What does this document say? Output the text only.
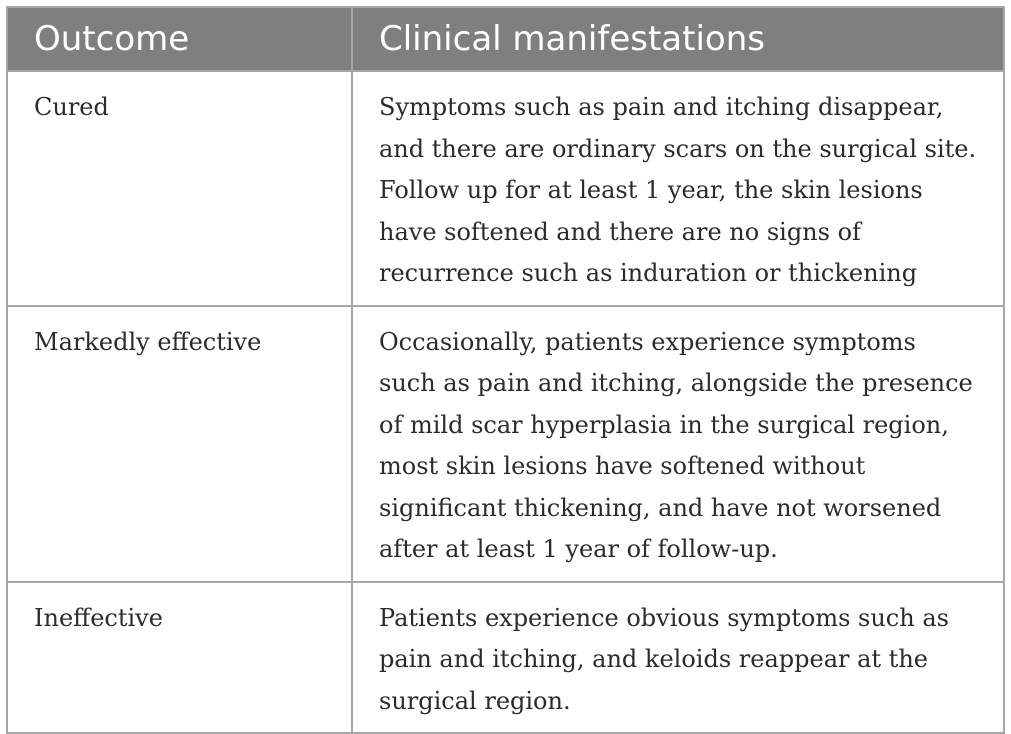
Outcome	Clinical manifestations
Cured	Symptoms such as pain and itching disappear, and there are ordinary scars on the surgical site. Follow up for at least 1 year, the skin lesions have softened and there are no signs of recurrence such as induration or thickening
Markedly effective	Occasionally, patients experience symptoms such as pain and itching, alongside the presence of mild scar hyperplasia in the surgical region, most skin lesions have softened without significant thickening, and have not worsened after at least 1 year of follow-up.
Ineffective	Patients experience obvious symptoms such as pain and itching, and keloids reappear at the surgical region.
